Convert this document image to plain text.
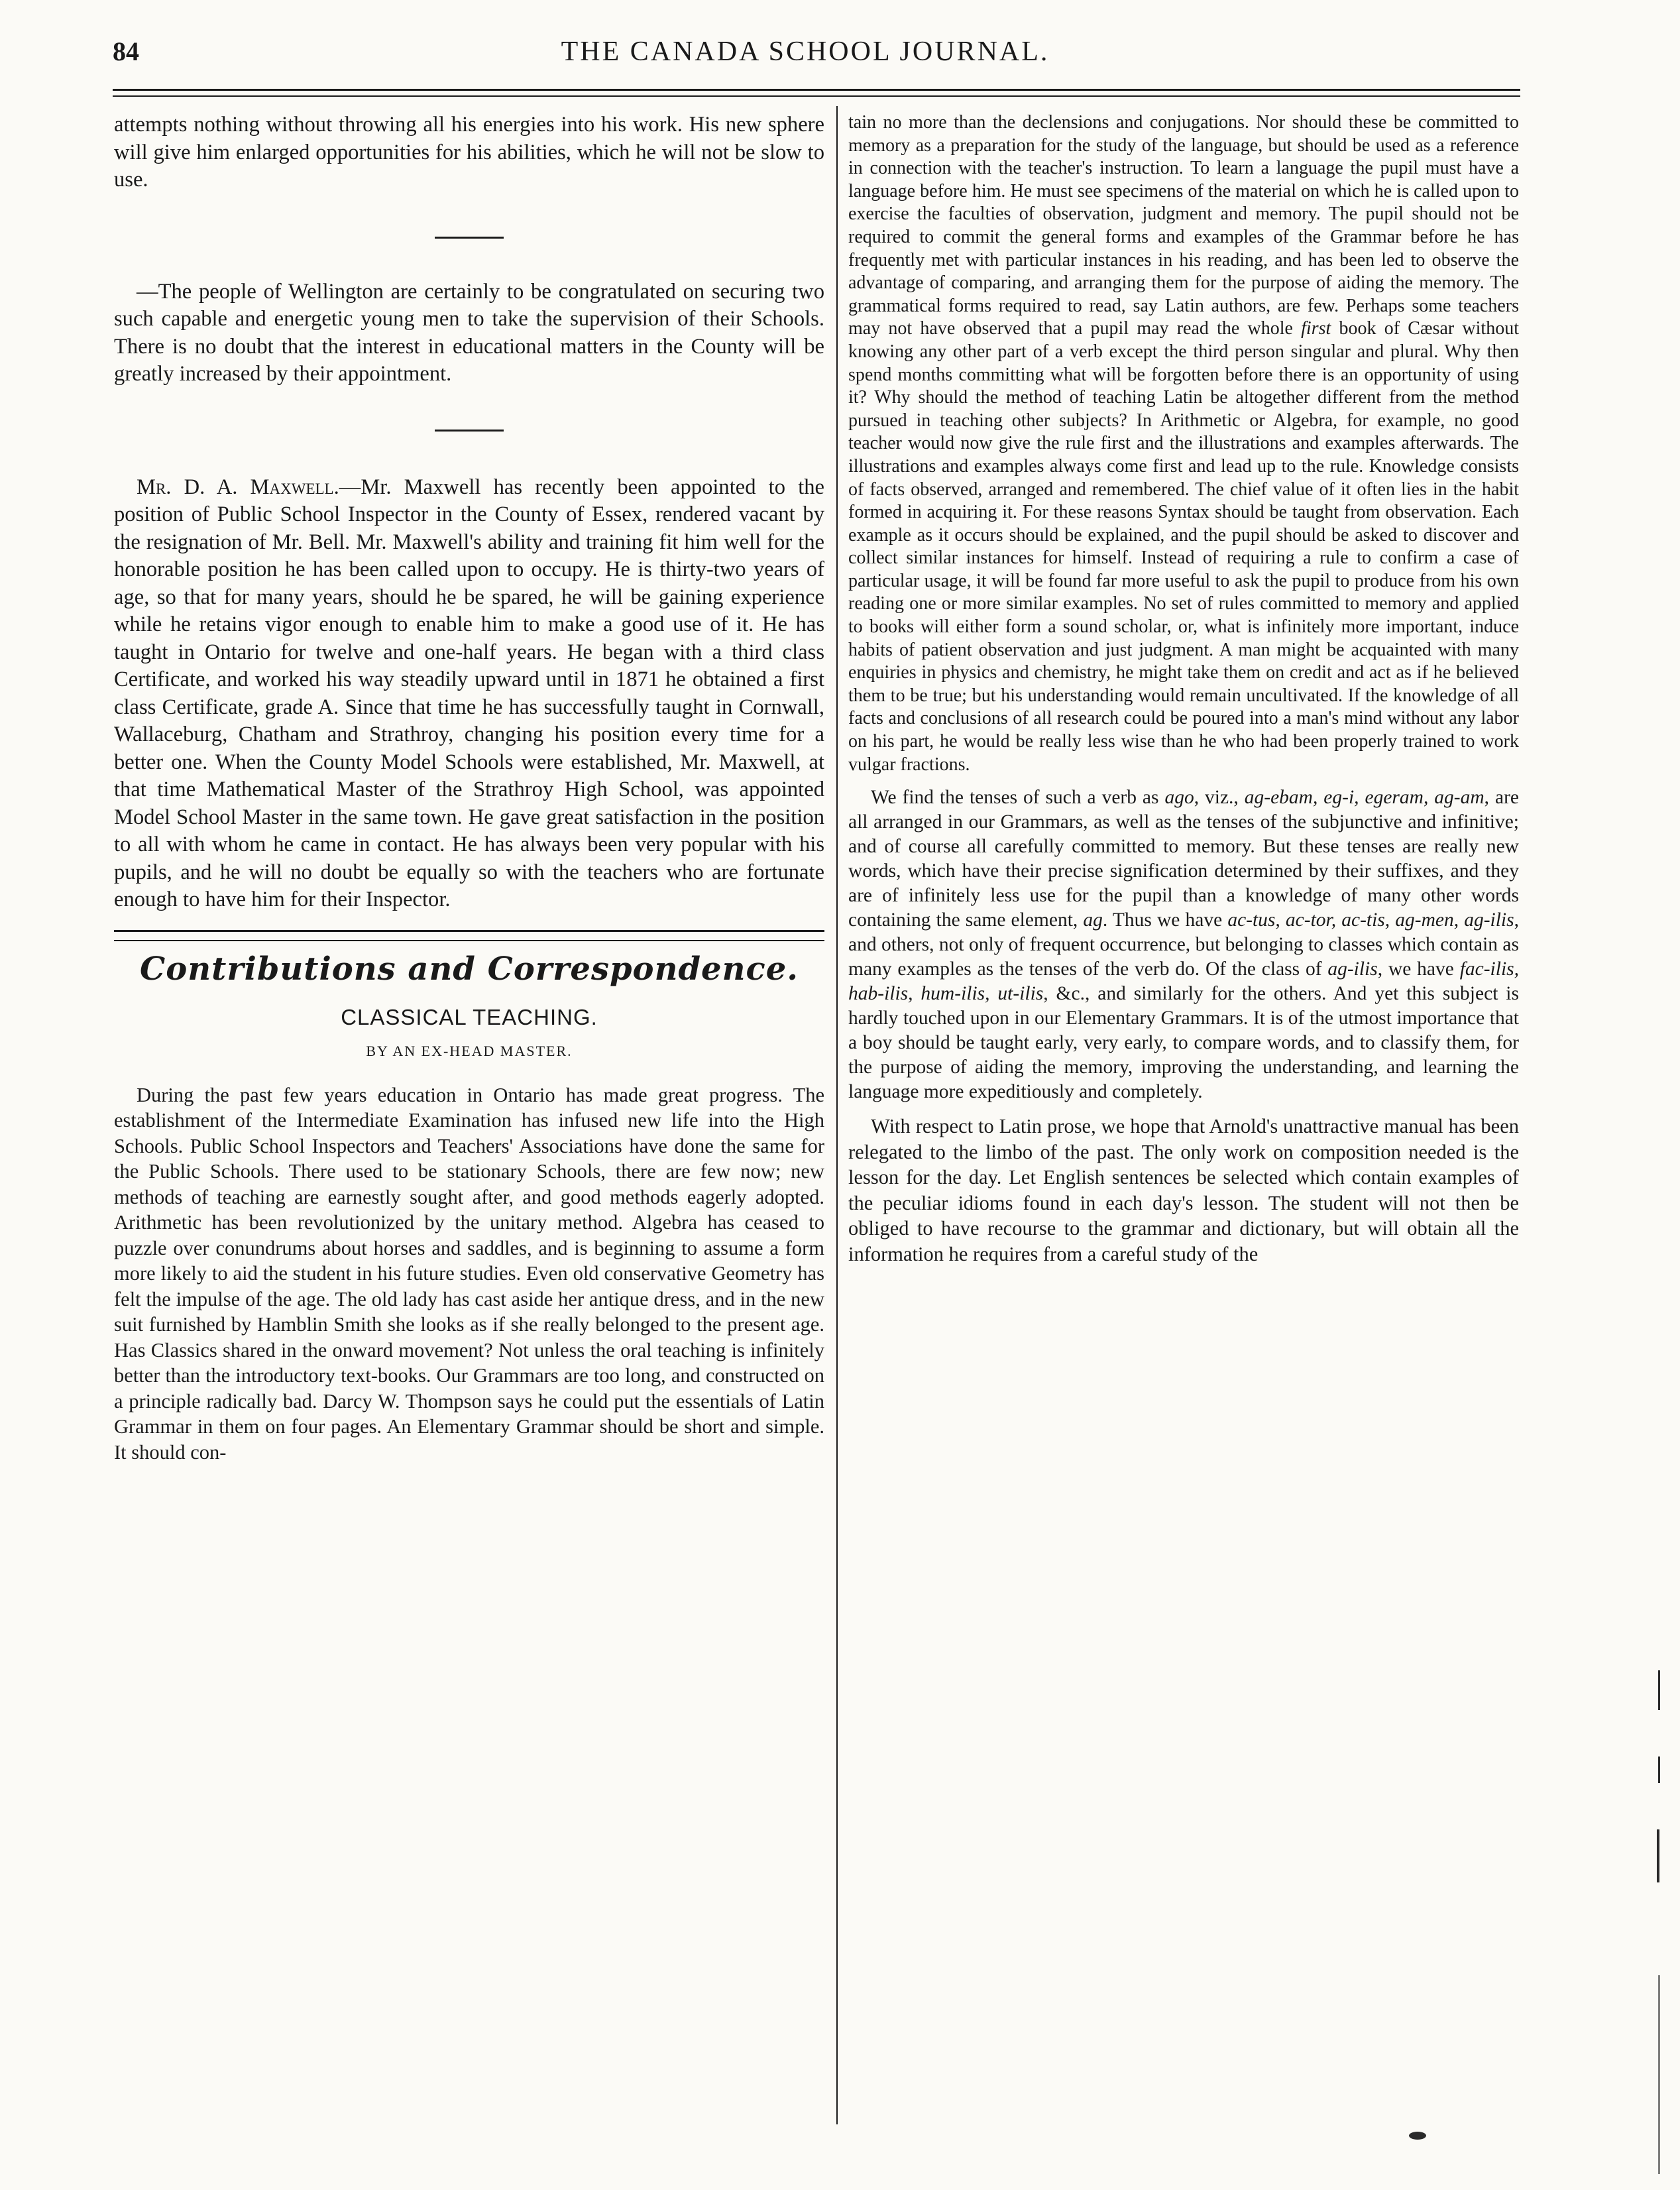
84	THE CANADA SCHOOL JOURNAL.

attempts nothing without throwing all his energies into his work. His new sphere will give him enlarged opportunities for his abilities, which he will not be slow to use.

—The people of Wellington are certainly to be congratulated on securing two such capable and energetic young men to take the supervision of their Schools. There is no doubt that the interest in educational matters in the County will be greatly increased by their appointment.

Mr. D. A. Maxwell.—Mr. Maxwell has recently been appointed to the position of Public School Inspector in the County of Essex, rendered vacant by the resignation of Mr. Bell. Mr. Maxwell's ability and training fit him well for the honorable position he has been called upon to occupy. He is thirty-two years of age, so that for many years, should he be spared, he will be gaining experience while he retains vigor enough to enable him to make a good use of it. He has taught in Ontario for twelve and one-half years. He began with a third class Certificate, and worked his way steadily upward until in 1871 he obtained a first class Certificate, grade A. Since that time he has successfully taught in Cornwall, Wallaceburg, Chatham and Strathroy, changing his position every time for a better one. When the County Model Schools were established, Mr. Maxwell, at that time Mathematical Master of the Strathroy High School, was appointed Model School Master in the same town. He gave great satisfaction in the position to all with whom he came in contact. He has always been very popular with his pupils, and he will no doubt be equally so with the teachers who are fortunate enough to have him for their Inspector.

Contributions and Correspondence.
CLASSICAL TEACHING.
BY AN EX-HEAD MASTER.

During the past few years education in Ontario has made great progress. The establishment of the Intermediate Examination has infused new life into the High Schools. Public School Inspectors and Teachers' Associations have done the same for the Public Schools. There used to be stationary Schools, there are few now; new methods of teaching are earnestly sought after, and good methods eagerly adopted. Arithmetic has been revolutionized by the unitary method. Algebra has ceased to puzzle over conundrums about horses and saddles, and is beginning to assume a form more likely to aid the student in his future studies. Even old conservative Geometry has felt the impulse of the age. The old lady has cast aside her antique dress, and in the new suit furnished by Hamblin Smith she looks as if she really belonged to the present age. Has Classics shared in the onward movement? Not unless the oral teaching is infinitely better than the introductory text-books. Our Grammars are too long, and constructed on a principle radically bad. Darcy W. Thompson says he could put the essentials of Latin Grammar in them on four pages. An Elementary Grammar should be short and simple. It should con-

tain no more than the declensions and conjugations. Nor should these be committed to memory as a preparation for the study of the language, but should be used as a reference in connection with the teacher's instruction. To learn a language the pupil must have a language before him. He must see specimens of the material on which he is called upon to exercise the faculties of observation, judgment and memory. The pupil should not be required to commit the general forms and examples of the Grammar before he has frequently met with particular instances in his reading, and has been led to observe the advantage of comparing, and arranging them for the purpose of aiding the memory. The grammatical forms required to read, say Latin authors, are few. Perhaps some teachers may not have observed that a pupil may read the whole first book of Cæsar without knowing any other part of a verb except the third person singular and plural. Why then spend months committing what will be forgotten before there is an opportunity of using it? Why should the method of teaching Latin be altogether different from the method pursued in teaching other subjects? In Arithmetic or Algebra, for example, no good teacher would now give the rule first and the illustrations and examples afterwards. The illustrations and examples always come first and lead up to the rule. Knowledge consists of facts observed, arranged and remembered. The chief value of it often lies in the habit formed in acquiring it. For these reasons Syntax should be taught from observation. Each example as it occurs should be explained, and the pupil should be asked to discover and collect similar instances for himself. Instead of requiring a rule to confirm a case of particular usage, it will be found far more useful to ask the pupil to produce from his own reading one or more similar examples. No set of rules committed to memory and applied to books will either form a sound scholar, or, what is infinitely more important, induce habits of patient observation and just judgment. A man might be acquainted with many enquiries in physics and chemistry, he might take them on credit and act as if he believed them to be true; but his understanding would remain uncultivated. If the knowledge of all facts and conclusions of all research could be poured into a man's mind without any labor on his part, he would be really less wise than he who had been properly trained to work vulgar fractions.

We find the tenses of such a verb as ago, viz., ag-ebam, eg-i, egeram, ag-am, are all arranged in our Grammars, as well as the tenses of the subjunctive and infinitive; and of course all carefully committed to memory. But these tenses are really new words, which have their precise signification determined by their suffixes, and they are of infinitely less use for the pupil than a knowledge of many other words containing the same element, ag. Thus we have ac-tus, ac-tor, ac-tis, ag-men, ag-ilis, and others, not only of frequent occurrence, but belonging to classes which contain as many examples as the tenses of the verb do. Of the class of ag-ilis, we have fac-ilis, hab-ilis, hum-ilis, ut-ilis, &c., and similarly for the others. And yet this subject is hardly touched upon in our Elementary Grammars. It is of the utmost importance that a boy should be taught early, very early, to compare words, and to classify them, for the purpose of aiding the memory, improving the understanding, and learning the language more expeditiously and completely.

With respect to Latin prose, we hope that Arnold's unattractive manual has been relegated to the limbo of the past. The only work on composition needed is the lesson for the day. Let English sentences be selected which contain examples of the peculiar idioms found in each day's lesson. The student will not then be obliged to have recourse to the grammar and dictionary, but will obtain all the information he requires from a careful study of the
